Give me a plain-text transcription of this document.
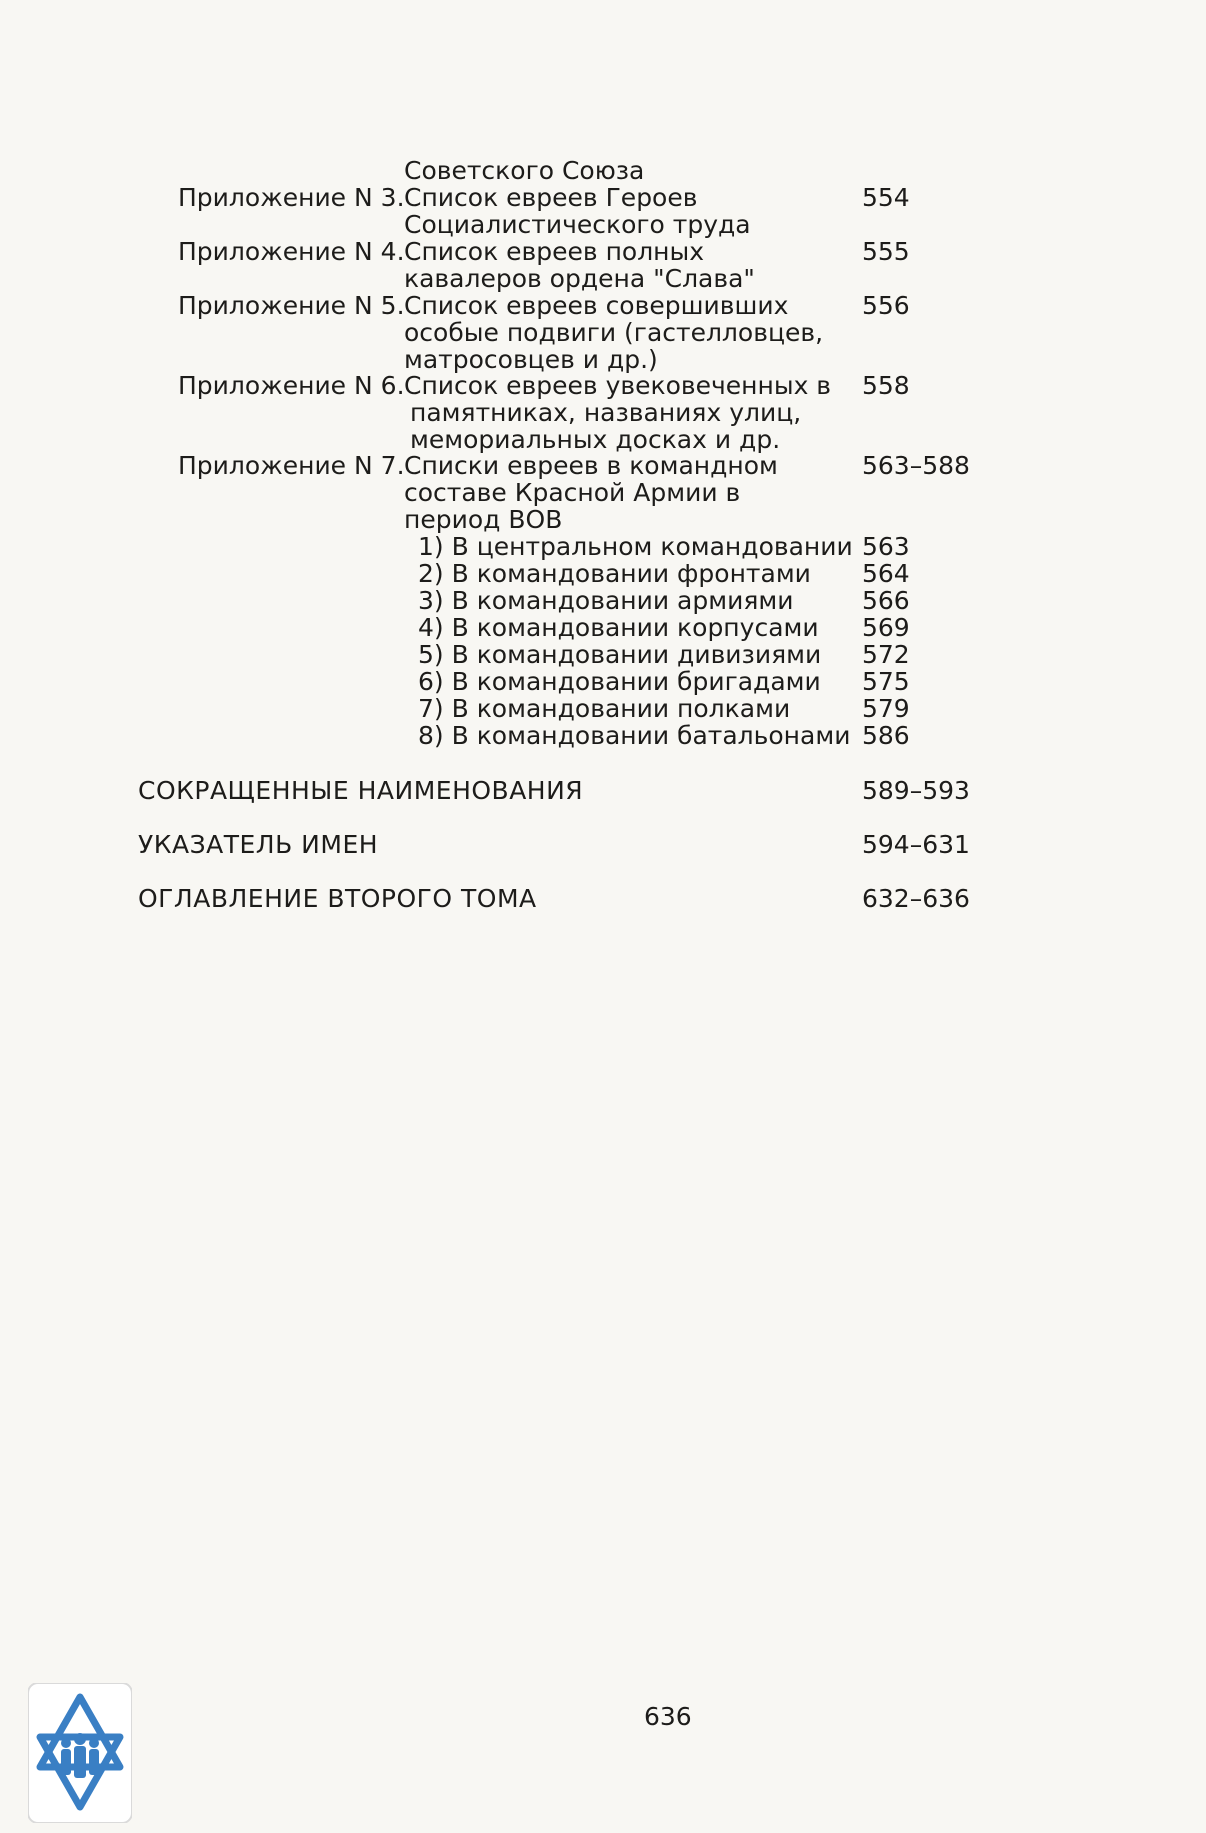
Советского Союза
Приложение N 3. Список евреев Героев	554
Социалистического труда
Приложение N 4. Список евреев полных	555
кавалеров ордена "Слава"
Приложение N 5. Список евреев совершивших	556
особые подвиги (гастелловцев,
матросовцев и др.)
Приложение N 6. Список евреев увековеченных в 558
памятниках, названиях улиц,
мемориальных досках и др.
Приложение N 7. Списки евреев в командном	563–588
составе Красной Армии в
период ВОВ
1) В центральном командовании 563
2) В командовании фронтами 564
3) В командовании армиями	566
4) В командовании корпусами 569
5) В командовании дивизиями 572
6) В командовании бригадами 575
7) В командовании полками	579
8) В командовании батальонами 586
СОКРАЩЕННЫЕ НАИМЕНОВАНИЯ	589–593
УКАЗАТЕЛЬ ИМЕН	594–631
ОГЛАВЛЕНИЕ ВТОРОГО ТОМА	632–636
636
